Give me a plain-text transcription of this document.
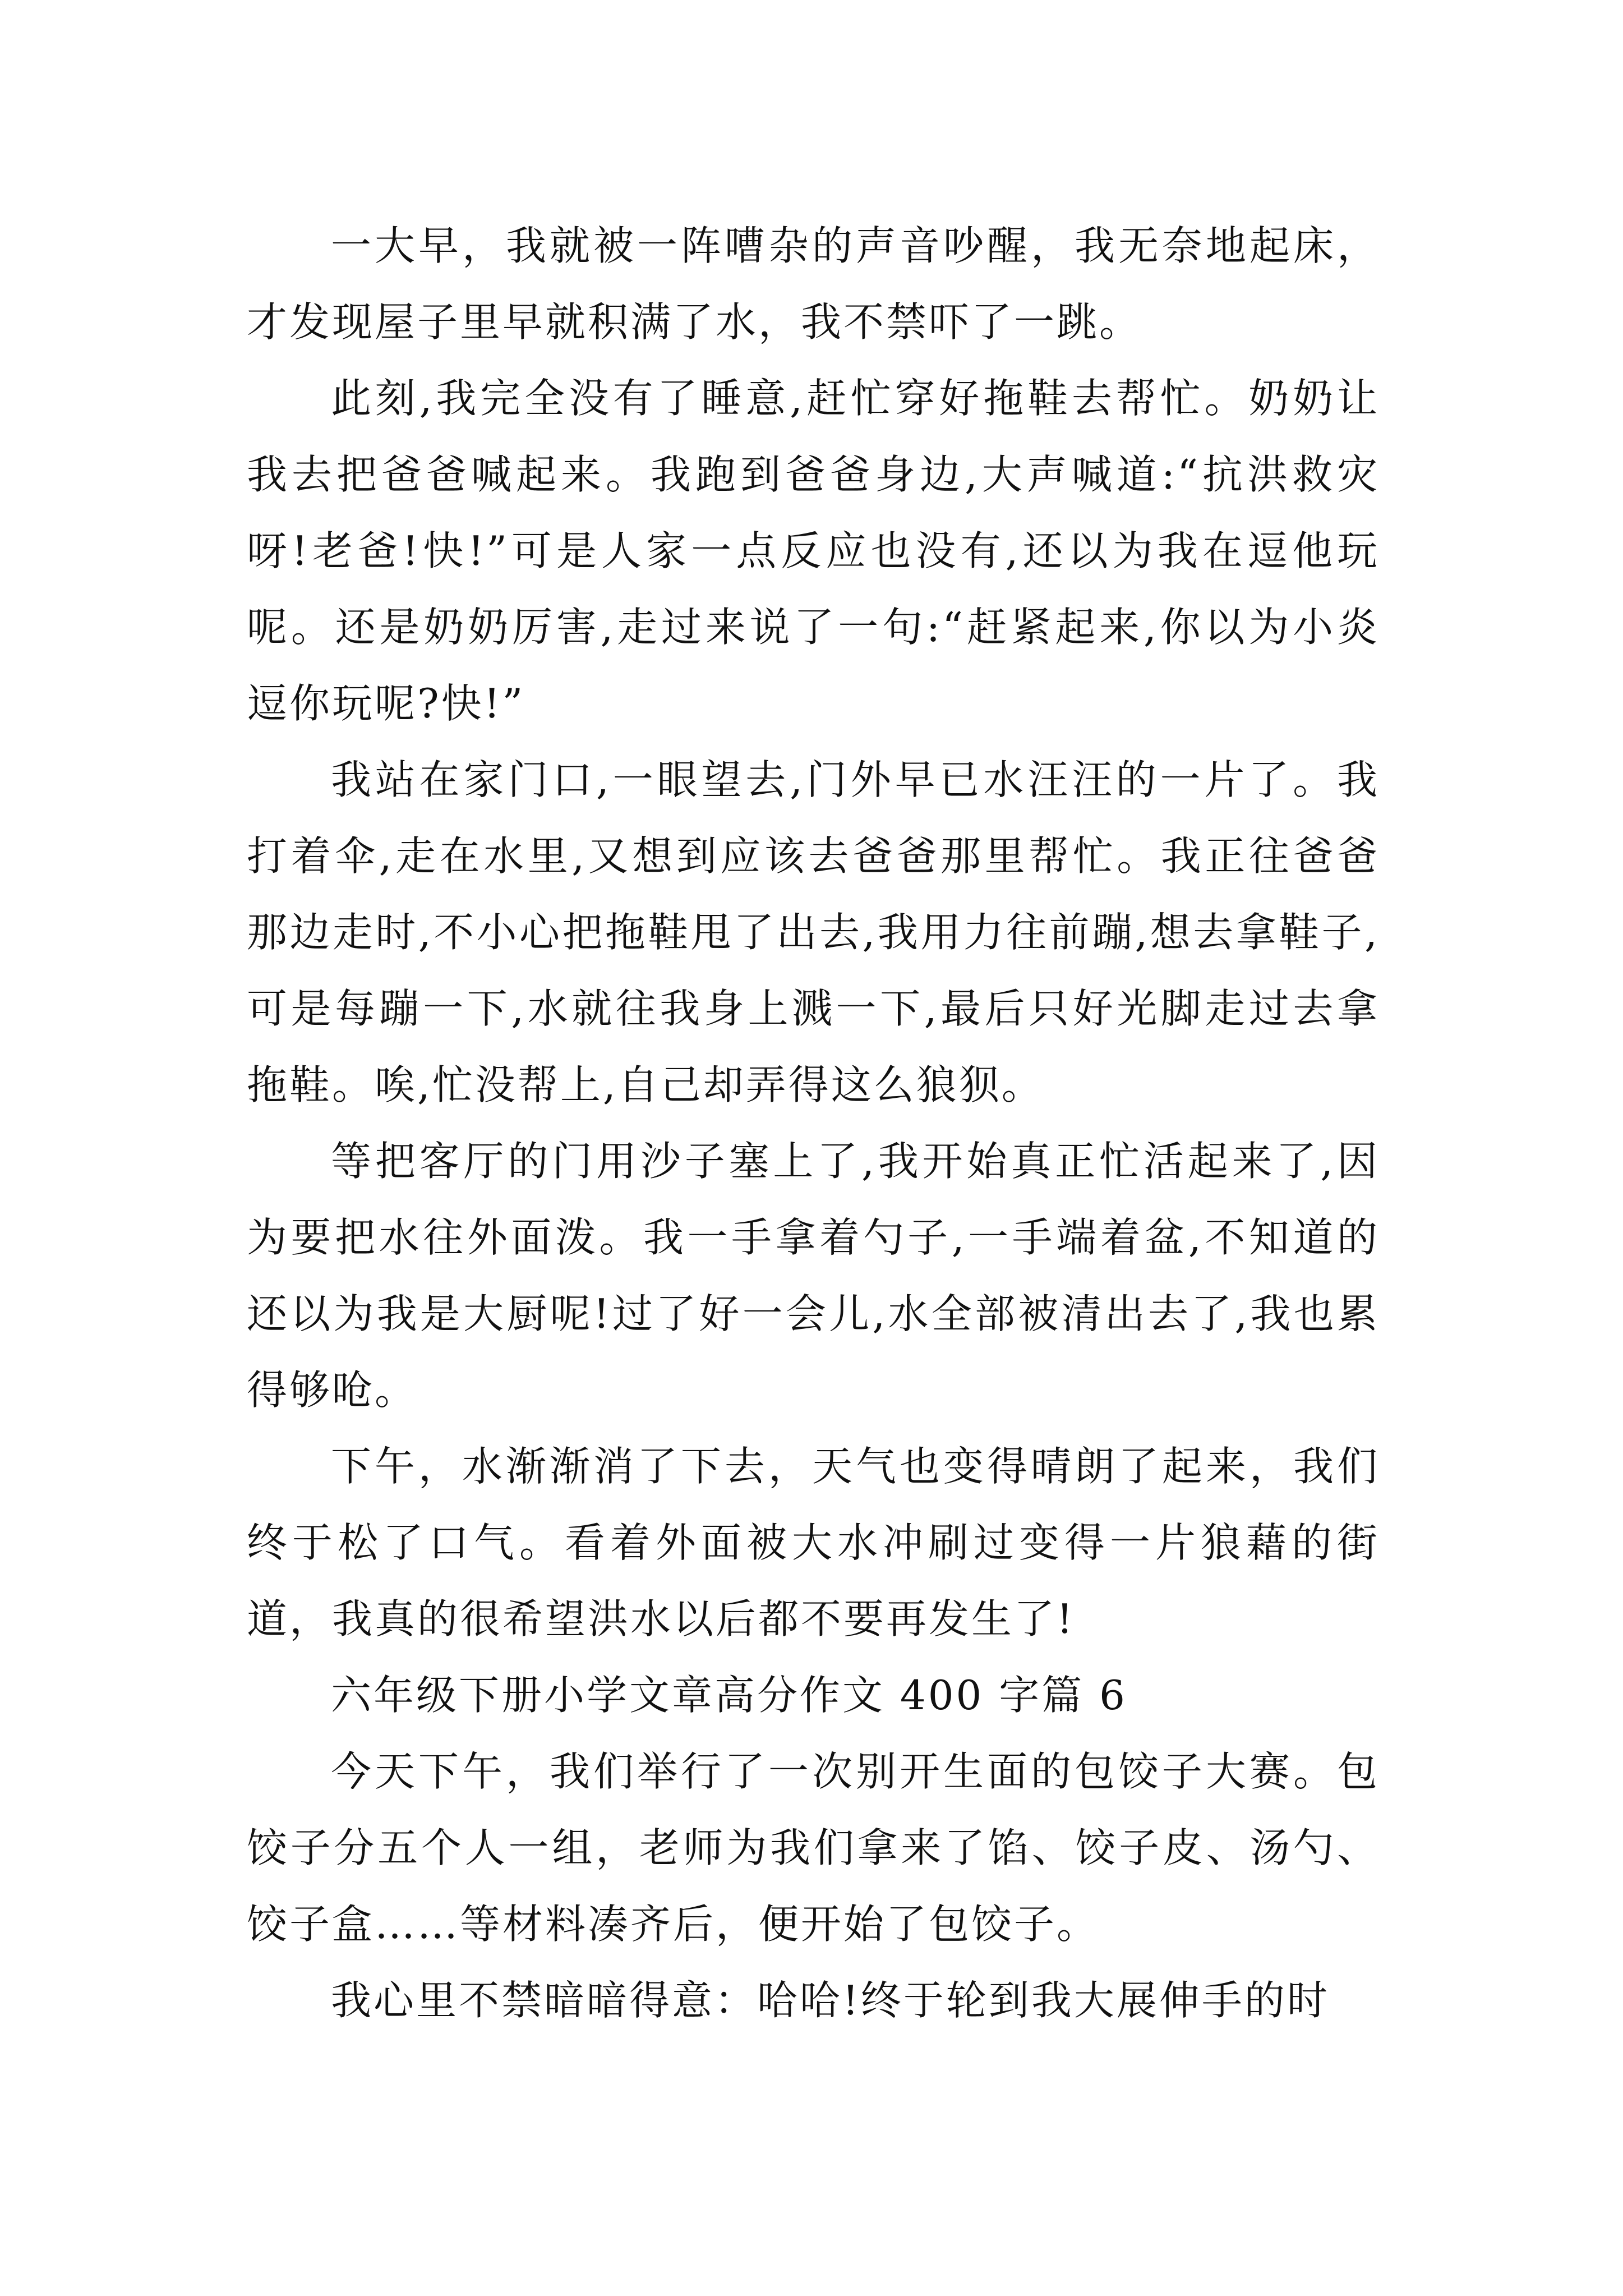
一大早，我就被一阵嘈杂的声音吵醒，我无奈地起床，才发现屋子里早就积满了水，我不禁吓了一跳。

此刻,我完全没有了睡意,赶忙穿好拖鞋去帮忙。奶奶让我去把爸爸喊起来。我跑到爸爸身边,大声喊道:“抗洪救灾呀!老爸!快!”可是人家一点反应也没有,还以为我在逗他玩呢。还是奶奶厉害,走过来说了一句:“赶紧起来,你以为小炎逗你玩呢?快!”

我站在家门口,一眼望去,门外早已水汪汪的一片了。我打着伞,走在水里,又想到应该去爸爸那里帮忙。我正往爸爸那边走时,不小心把拖鞋甩了出去,我用力往前蹦,想去拿鞋子,可是每蹦一下,水就往我身上溅一下,最后只好光脚走过去拿拖鞋。唉,忙没帮上,自己却弄得这么狼狈。

等把客厅的门用沙子塞上了,我开始真正忙活起来了,因为要把水往外面泼。我一手拿着勺子,一手端着盆,不知道的还以为我是大厨呢!过了好一会儿,水全部被清出去了,我也累得够呛。

下午，水渐渐消了下去，天气也变得晴朗了起来，我们终于松了口气。看着外面被大水冲刷过变得一片狼藉的街道，我真的很希望洪水以后都不要再发生了!

六年级下册小学文章高分作文 400 字篇 6

今天下午，我们举行了一次别开生面的包饺子大赛。包饺子分五个人一组，老师为我们拿来了馅、饺子皮、汤勺、饺子盒……等材料凑齐后，便开始了包饺子。

我心里不禁暗暗得意：哈哈!终于轮到我大展伸手的时
